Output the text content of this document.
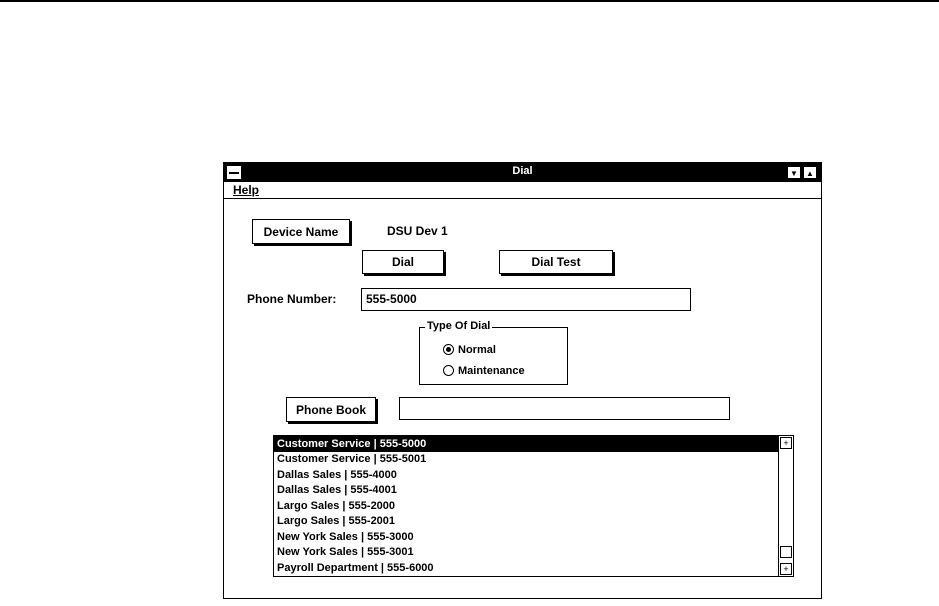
Dial	▼	▲
Help
Device Name	DSU Dev 1
Dial	Dial Test
Phone Number:	555-5000
Type Of Dial
Normal
Maintenance
Phone Book
Customer Service | 555-5000
Customer Service | 555-5001
Dallas Sales | 555-4000
Dallas Sales | 555-4001
Largo Sales | 555-2000
Largo Sales | 555-2001
New York Sales | 555-3000
New York Sales | 555-3001
Payroll Department | 555-6000
+
+
